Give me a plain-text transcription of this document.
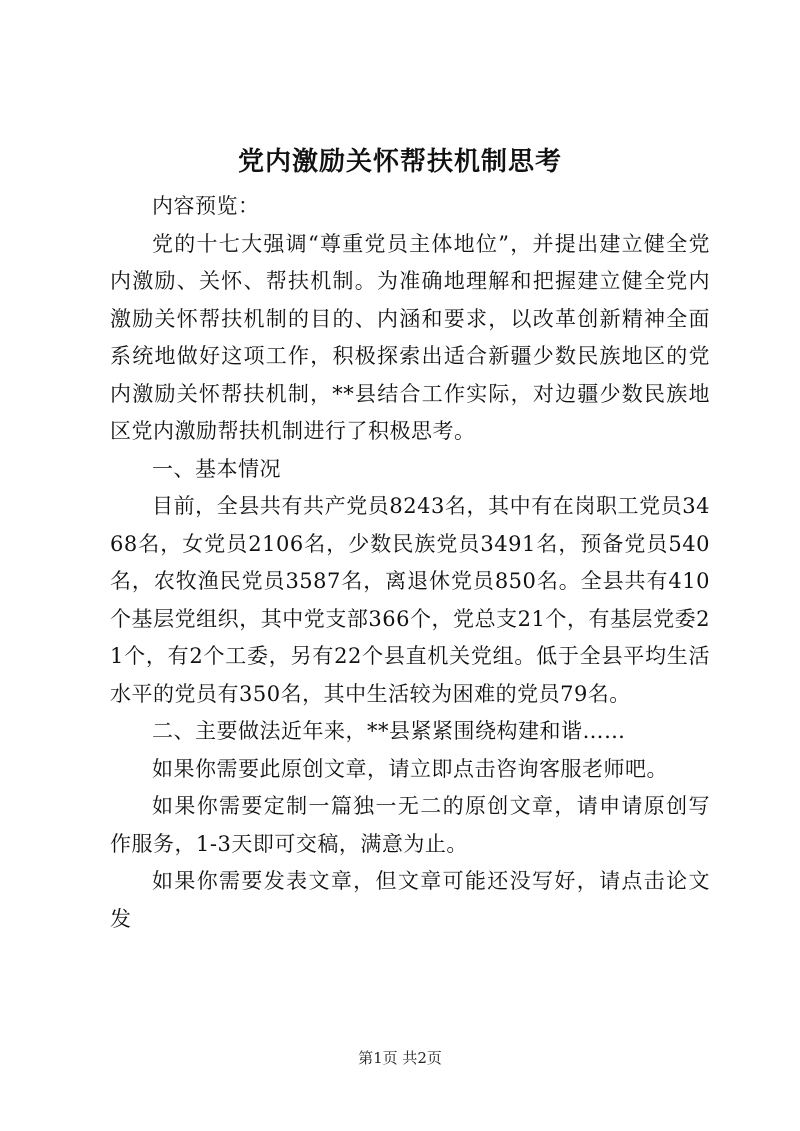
党内激励关怀帮扶机制思考

内容预览：

党的十七大强调“尊重党员主体地位”，并提出建立健全党内激励、关怀、帮扶机制。为准确地理解和把握建立健全党内激励关怀帮扶机制的目的、内涵和要求，以改革创新精神全面系统地做好这项工作，积极探索出适合新疆少数民族地区的党内激励关怀帮扶机制，**县结合工作实际，对边疆少数民族地区党内激励帮扶机制进行了积极思考。

一、基本情况

目前，全县共有共产党员8243名，其中有在岗职工党员3468名，女党员2106名，少数民族党员3491名，预备党员540名，农牧渔民党员3587名，离退休党员850名。全县共有410个基层党组织，其中党支部366个，党总支21个，有基层党委21个，有2个工委，另有22个县直机关党组。低于全县平均生活水平的党员有350名，其中生活较为困难的党员79名。

二、主要做法近年来，**县紧紧围绕构建和谐……

如果你需要此原创文章，请立即点击咨询客服老师吧。

如果你需要定制一篇独一无二的原创文章，请申请原创写作服务，1-3天即可交稿，满意为止。

如果你需要发表文章，但文章可能还没写好，请点击论文发

第1页 共2页
